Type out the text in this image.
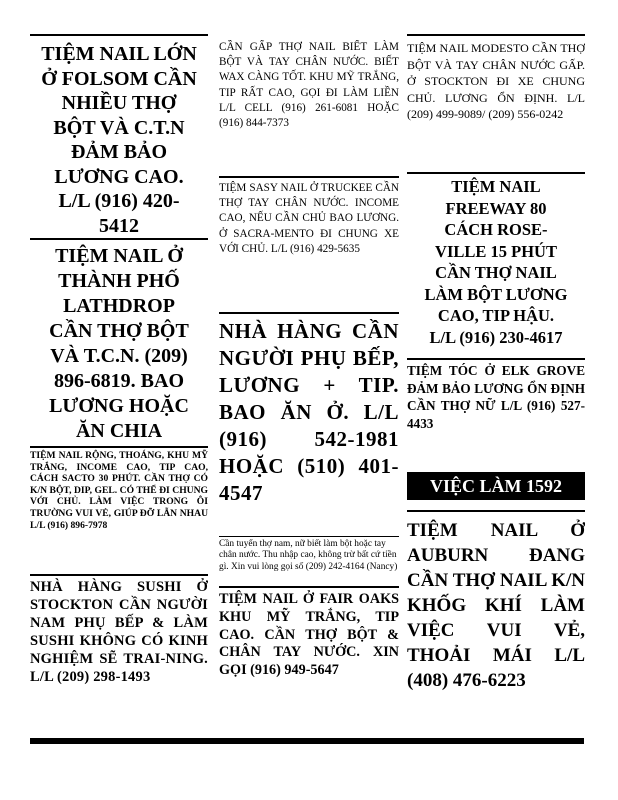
TIỆM NAIL LỚN
Ở FOLSOM CẦN
NHIỀU THỢ
BỘT VÀ C.T.N
ĐẢM BẢO
LƯƠNG CAO.
L/L (916) 420-
5412

TIỆM NAIL Ở
THÀNH PHỐ
LATHDROP
CẦN THỢ BỘT
VÀ T.C.N. (209)
896-6819. BAO
LƯƠNG HOẶC
ĂN CHIA

TIỆM NAIL RỘNG, THOÁNG, KHU MỸ TRẮNG, INCOME CAO, TIP CAO, CÁCH SACTO 30 PHÚT. CẦN THỢ CÓ K/N BỘT, DIP, GEL. CÓ THỂ ĐI CHUNG VỚI CHỦ. LÀM VIỆC TRONG ÔI TRƯỜNG VUI VẺ, GIÚP ĐỠ LẪN NHAU L/L (916) 896-7978

NHÀ HÀNG SUSHI Ở STOCKTON CẦN NGƯỜI NAM PHỤ BẾP & LÀM SUSHI KHÔNG CÓ KINH NGHIỆM SẼ TRAI-NING. L/L (209) 298-1493

CẦN GẤP THỢ NAIL BIẾT LÀM BỘT VÀ TAY CHÂN NƯỚC. BIẾT WAX CÀNG TỐT. KHU MỸ TRẮNG, TIP RẤT CAO, GỌI ĐI LÀM LIỀN L/L CELL (916) 261-6081 HOẶC (916) 844-7373

TIỆM SASY NAIL Ở TRUCKEE CẦN THỢ TAY CHÂN NƯỚC. INCOME CAO, NẾU CẦN CHỦ BAO LƯƠNG. Ở SACRA-MENTO ĐI CHUNG XE VỚI CHỦ. L/L (916) 429-5635

NHÀ HÀNG CẦN NGƯỜI PHỤ BẾP, LƯƠNG + TIP. BAO ĂN Ở. L/L (916) 542-1981 HOẶC (510) 401-4547

Cần tuyển thợ nam, nữ biết làm bột hoặc tay chân nước. Thu nhập cao, không trừ bất cứ tiền gì. Xin vui lòng gọi số (209) 242-4164 (Nancy)

TIỆM NAIL Ở FAIR OAKS KHU MỸ TRẮNG, TIP CAO. CẦN THỢ BỘT & CHÂN TAY NƯỚC. XIN GỌI (916) 949-5647

TIỆM NAIL MODESTO CẦN THỢ BỘT VÀ TAY CHÂN NƯỚC GẤP. Ở STOCKTON ĐI XE CHUNG CHỦ. LƯƠNG ỔN ĐỊNH. L/L (209) 499-9089/ (209) 556-0242

TIỆM NAIL
FREEWAY 80
CÁCH ROSE-
VILLE 15 PHÚT
CẦN THỢ NAIL
LÀM BỘT LƯƠNG
CAO, TIP HẬU.
L/L (916) 230-4617

TIỆM TÓC Ở ELK GROVE ĐẢM BẢO LƯƠNG ỔN ĐỊNH CẦN THỢ NỮ L/L (916) 527-4433

VIỆC LÀM 1592

TIỆM NAIL Ở AUBURN ĐANG CẦN THỢ NAIL K/N KHỐG KHÍ LÀM VIỆC VUI VẺ, THOẢI MÁI L/L (408) 476-6223
